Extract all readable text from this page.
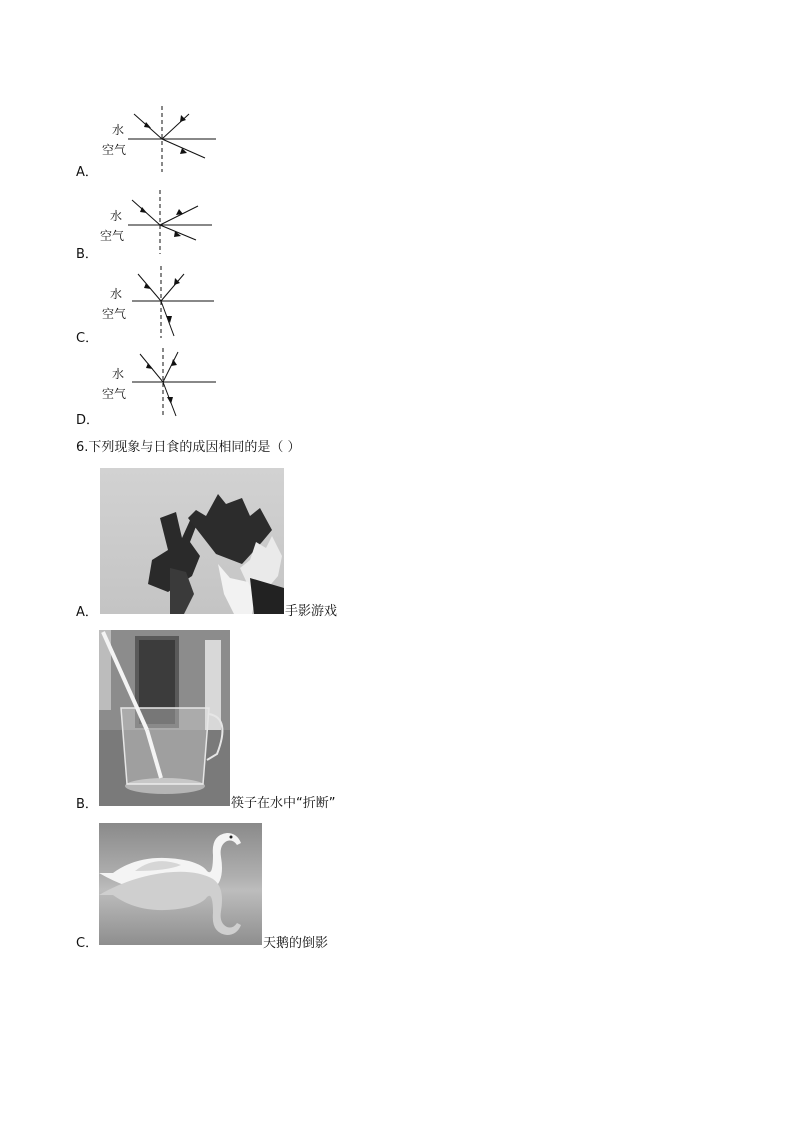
水
空气
A．
水
空气
B．
水
空气
C．
水
空气
D．
6.下列现象与日食的成因相同的是（ ）
A．	手影游戏
B．	筷子在水中“折断”
C．	天鹅的倒影
